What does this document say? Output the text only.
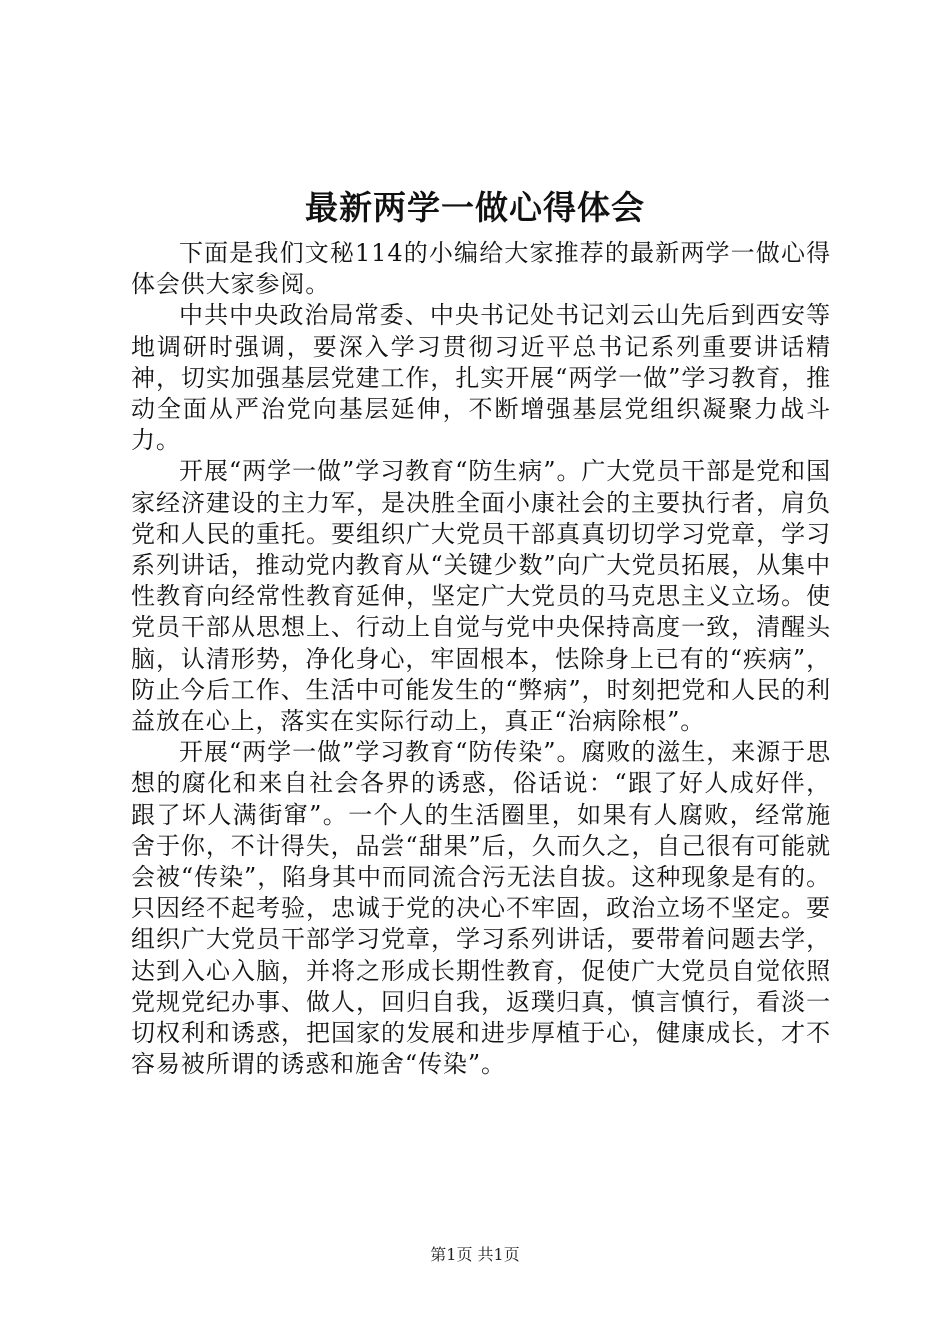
最新两学一做心得体会

下面是我们文秘114的小编给大家推荐的最新两学一做心得体会供大家参阅。

中共中央政治局常委、中央书记处书记刘云山先后到西安等地调研时强调，要深入学习贯彻习近平总书记系列重要讲话精神，切实加强基层党建工作，扎实开展“两学一做”学习教育，推动全面从严治党向基层延伸，不断增强基层党组织凝聚力战斗力。

开展“两学一做”学习教育“防生病”。广大党员干部是党和国家经济建设的主力军，是决胜全面小康社会的主要执行者，肩负党和人民的重托。要组织广大党员干部真真切切学习党章，学习系列讲话，推动党内教育从“关键少数”向广大党员拓展，从集中性教育向经常性教育延伸，坚定广大党员的马克思主义立场。使党员干部从思想上、行动上自觉与党中央保持高度一致，清醒头脑，认清形势，净化身心，牢固根本，怯除身上已有的“疾病”，防止今后工作、生活中可能发生的“弊病”，时刻把党和人民的利益放在心上，落实在实际行动上，真正“治病除根”。

开展“两学一做”学习教育“防传染”。腐败的滋生，来源于思想的腐化和来自社会各界的诱惑，俗话说：“跟了好人成好伴，跟了坏人满街窜”。一个人的生活圈里，如果有人腐败，经常施舍于你，不计得失，品尝“甜果”后，久而久之，自己很有可能就会被“传染”，陷身其中而同流合污无法自拔。这种现象是有的。只因经不起考验，忠诚于党的决心不牢固，政治立场不坚定。要组织广大党员干部学习党章，学习系列讲话，要带着问题去学，达到入心入脑，并将之形成长期性教育，促使广大党员自觉依照党规党纪办事、做人，回归自我，返璞归真，慎言慎行，看淡一切权利和诱惑，把国家的发展和进步厚植于心，健康成长，才不容易被所谓的诱惑和施舍“传染”。

第1页 共1页
